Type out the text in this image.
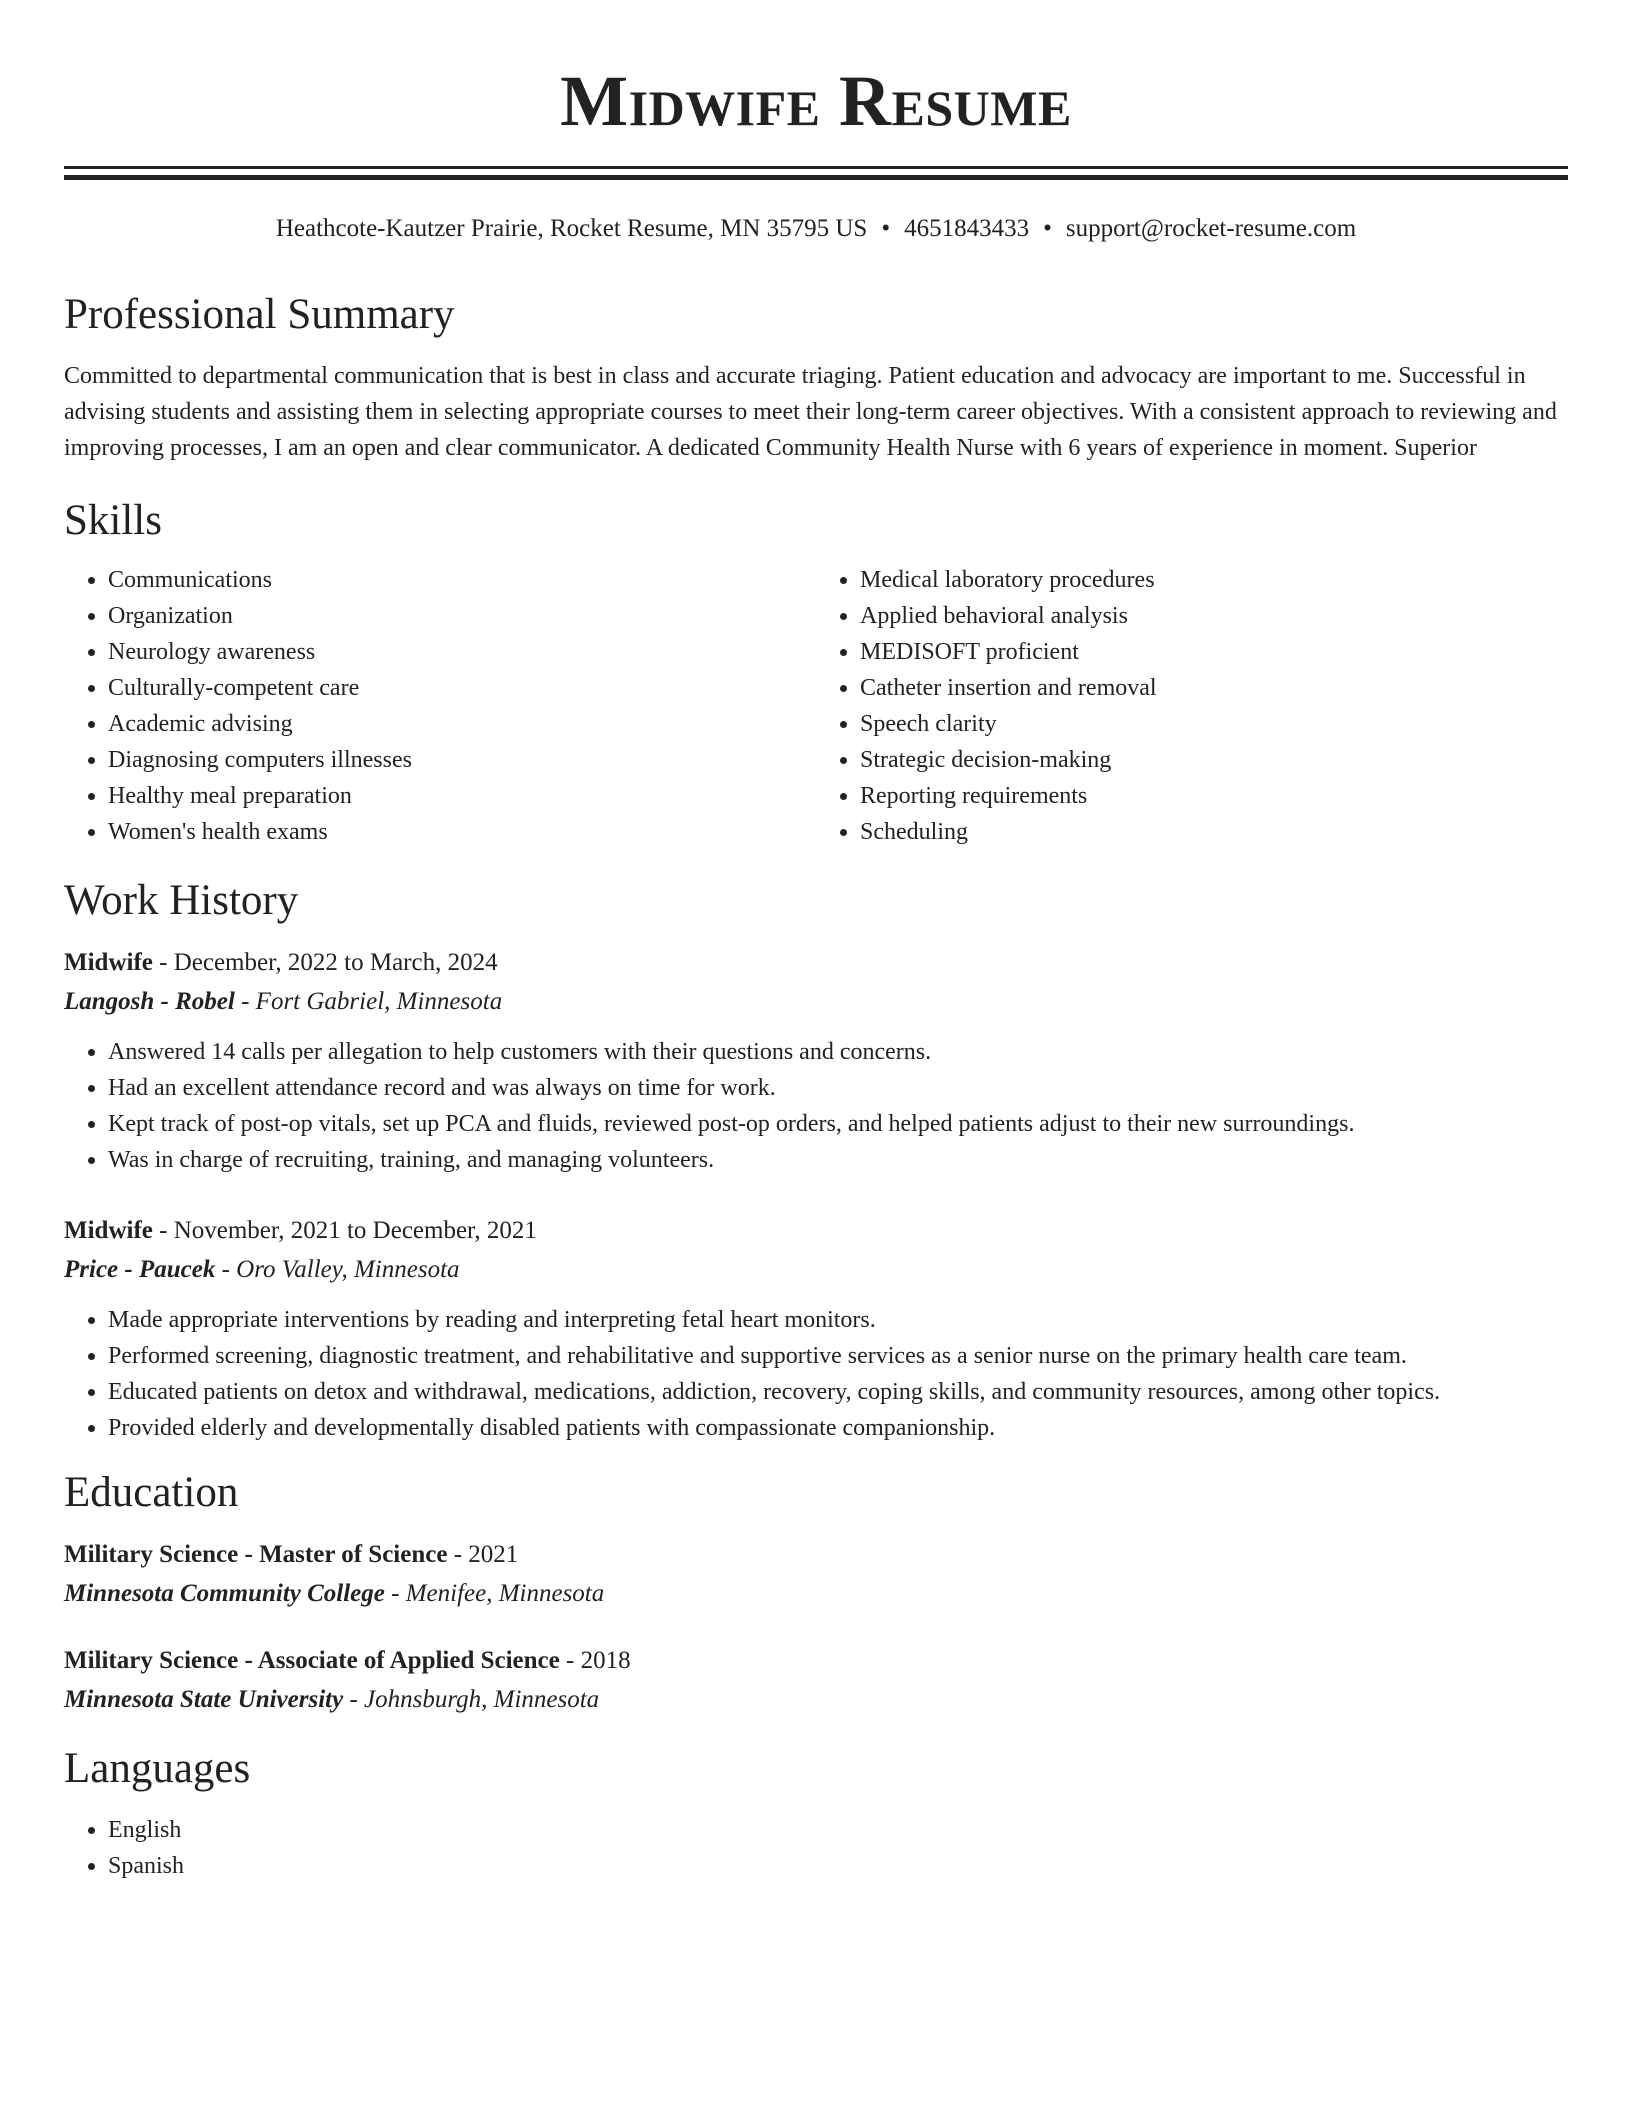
Midwife Resume
Heathcote-Kautzer Prairie, Rocket Resume, MN 35795 US • 4651843433 • support@rocket-resume.com
Professional Summary

Committed to departmental communication that is best in class and accurate triaging. Patient education and advocacy are important to me. Successful in advising students and assisting them in selecting appropriate courses to meet their long-term career objectives. With a consistent approach to reviewing and improving processes, I am an open and clear communicator. A dedicated Community Health Nurse with 6 years of experience in moment. Superior

Skills
• Communications
• Organization
• Neurology awareness
• Culturally-competent care
• Academic advising
• Diagnosing computers illnesses
• Healthy meal preparation
• Women's health exams
• Medical laboratory procedures
• Applied behavioral analysis
• MEDISOFT proficient
• Catheter insertion and removal
• Speech clarity
• Strategic decision-making
• Reporting requirements
• Scheduling
Work History
Midwife - December, 2022 to March, 2024
Langosh - Robel - Fort Gabriel, Minnesota
• Answered 14 calls per allegation to help customers with their questions and concerns.
• Had an excellent attendance record and was always on time for work.
• Kept track of post-op vitals, set up PCA and fluids, reviewed post-op orders, and helped patients adjust to their new surroundings.
• Was in charge of recruiting, training, and managing volunteers.
Midwife - November, 2021 to December, 2021
Price - Paucek - Oro Valley, Minnesota
• Made appropriate interventions by reading and interpreting fetal heart monitors.
• Performed screening, diagnostic treatment, and rehabilitative and supportive services as a senior nurse on the primary health care team.
• Educated patients on detox and withdrawal, medications, addiction, recovery, coping skills, and community resources, among other topics.
• Provided elderly and developmentally disabled patients with compassionate companionship.
Education
Military Science - Master of Science - 2021
Minnesota Community College - Menifee, Minnesota
Military Science - Associate of Applied Science - 2018
Minnesota State University - Johnsburgh, Minnesota
Languages
• English
• Spanish
